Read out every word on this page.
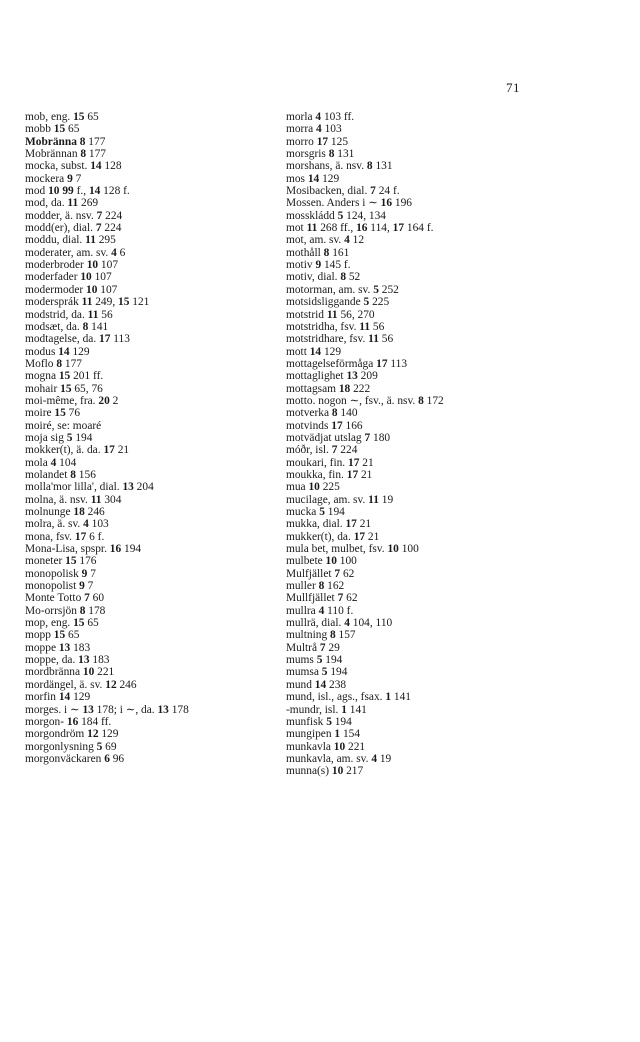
71
mob, eng. 15 65
mobb 15 65
Mobränna 8 177
Mobrännan 8 177
mocka, subst. 14 128
mockera 9 7
mod 10 99 f., 14 128 f.
mod, da. 11 269
modder, ä. nsv. 7 224
modd(er), dial. 7 224
moddu, dial. 11 295
moderater, am. sv. 4 6
moderbroder 10 107
moderfader 10 107
modermoder 10 107
modersprák 11 249, 15 121
modstrid, da. 11 56
modsæt, da. 8 141
modtagelse, da. 17 113
modus 14 129
Moflo 8 177
mogna 15 201 ff.
mohair 15 65, 76
moi-même, fra. 20 2
moire 15 76
moiré, se: moaré
moja sig 5 194
mokker(t), ä. da. 17 21
mola 4 104
molandet 8 156
molla'mor lilla', dial. 13 204
molna, ä. nsv. 11 304
molnunge 18 246
molra, ä. sv. 4 103
mona, fsv. 17 6 f.
Mona-Lisa, spspr. 16 194
moneter 15 176
monopolisk 9 7
monopolist 9 7
Monte Totto 7 60
Mo-orrsjön 8 178
mop, eng. 15 65
mopp 15 65
moppe 13 183
moppe, da. 13 183
mordbränna 10 221
mordängel, ä. sv. 12 246
morfin 14 129
morges. i ∼ 13 178; i ∼, da. 13 178
morgon- 16 184 ff.
morgondröm 12 129
morgonlysning 5 69
morgonväckaren 6 96
morla 4 103 ff.
morra 4 103
morro 17 125
morsgris 8 131
morshans, ä. nsv. 8 131
mos 14 129
Mosibacken, dial. 7 24 f.
Mossen. Anders i ∼ 16 196
mosskládd 5 124, 134
mot 11 268 ff., 16 114, 17 164 f.
mot, am. sv. 4 12
mothåll 8 161
motiv 9 145 f.
motiv, dial. 8 52
motorman, am. sv. 5 252
motsidsliggande 5 225
motstrid 11 56, 270
motstridha, fsv. 11 56
motstridhare, fsv. 11 56
mott 14 129
mottagelseförmåga 17 113
mottaglighet 13 209
mottagsam 18 222
motto. nogon ∼, fsv., ä. nsv. 8 172
motverka 8 140
motvinds 17 166
motvädjat utslag 7 180
móðr, isl. 7 224
moukari, fin. 17 21
moukka, fin. 17 21
mua 10 225
mucilage, am. sv. 11 19
mucka 5 194
mukka, dial. 17 21
mukker(t), da. 17 21
mula bet, mulbet, fsv. 10 100
mulbete 10 100
Mulfjället 7 62
muller 8 162
Mullfjället 7 62
mullra 4 110 f.
mullrä, dial. 4 104, 110
multning 8 157
Multrå 7 29
mums 5 194
mumsa 5 194
mund 14 238
mund, isl., ags., fsax. 1 141
-mundr, isl. 1 141
munfisk 5 194
mungipen 1 154
munkavla 10 221
munkavla, am. sv. 4 19
munna(s) 10 217
